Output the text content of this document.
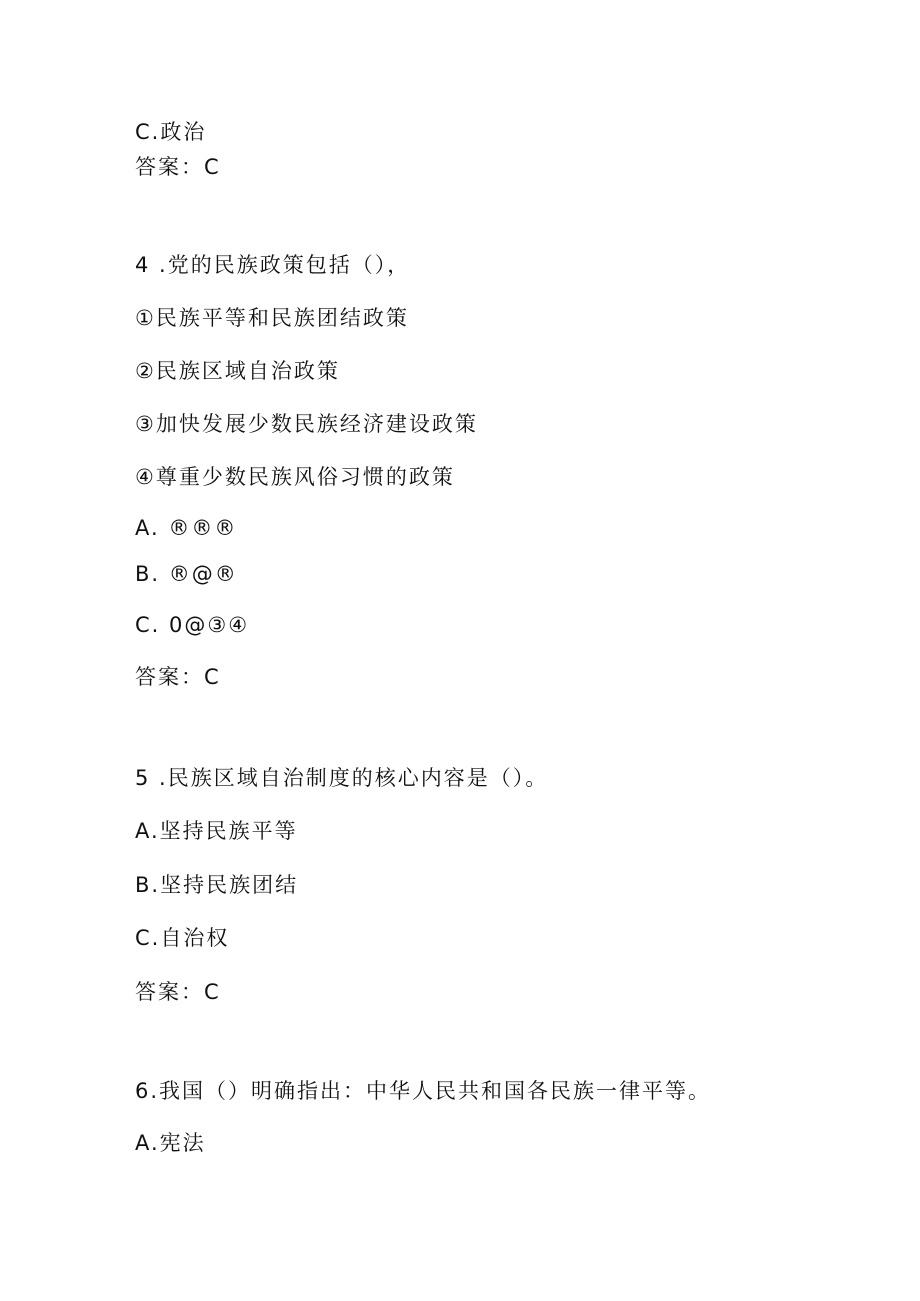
C.政治
答案：C
4 .党的民族政策包括（），
①民族平等和民族团结政策
②民族区域自治政策
③加快发展少数民族经济建设政策
④尊重少数民族风俗习惯的政策
A. ®®®
B. ®@®
C. 0@③④
答案：C
5 .民族区域自治制度的核心内容是（）。
A.坚持民族平等
B.坚持民族团结
C.自治权
答案：C
6.我国（）明确指出：中华人民共和国各民族一律平等。
A.宪法
